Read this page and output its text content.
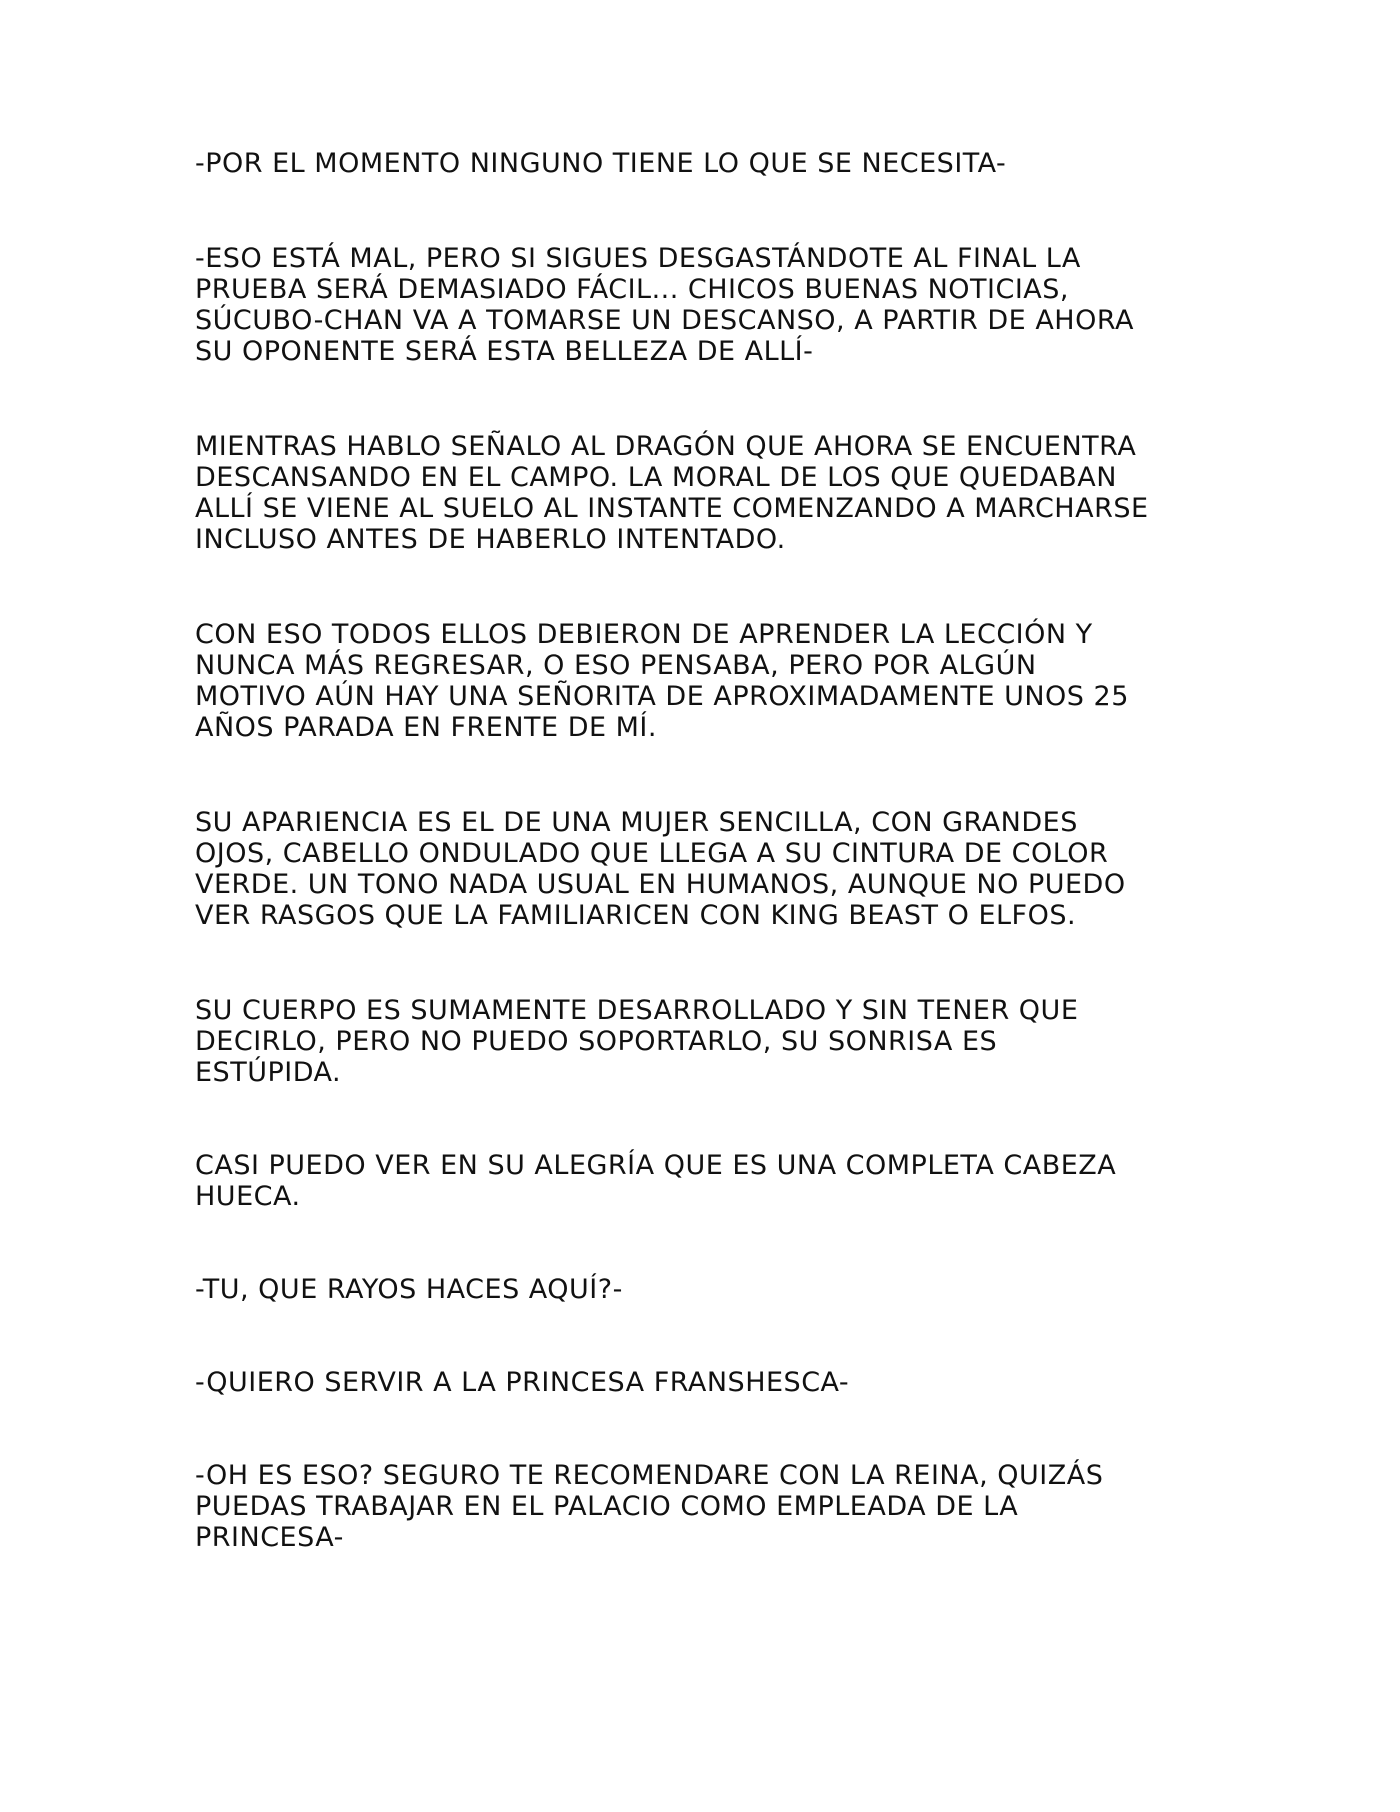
-POR EL MOMENTO NINGUNO TIENE LO QUE SE NECESITA-

-ESO ESTÁ MAL, PERO SI SIGUES DESGASTÁNDOTE AL FINAL LA
PRUEBA SERÁ DEMASIADO FÁCIL... CHICOS BUENAS NOTICIAS,
SÚCUBO-CHAN VA A TOMARSE UN DESCANSO, A PARTIR DE AHORA
SU OPONENTE SERÁ ESTA BELLEZA DE ALLÍ-

MIENTRAS HABLO SEÑALO AL DRAGÓN QUE AHORA SE ENCUENTRA
DESCANSANDO EN EL CAMPO. LA MORAL DE LOS QUE QUEDABAN
ALLÍ SE VIENE AL SUELO AL INSTANTE COMENZANDO A MARCHARSE
INCLUSO ANTES DE HABERLO INTENTADO.

CON ESO TODOS ELLOS DEBIERON DE APRENDER LA LECCIÓN Y
NUNCA MÁS REGRESAR, O ESO PENSABA, PERO POR ALGÚN
MOTIVO AÚN HAY UNA SEÑORITA DE APROXIMADAMENTE UNOS 25
AÑOS PARADA EN FRENTE DE MÍ.

SU APARIENCIA ES EL DE UNA MUJER SENCILLA, CON GRANDES
OJOS, CABELLO ONDULADO QUE LLEGA A SU CINTURA DE COLOR
VERDE. UN TONO NADA USUAL EN HUMANOS, AUNQUE NO PUEDO
VER RASGOS QUE LA FAMILIARICEN CON KING BEAST O ELFOS.

SU CUERPO ES SUMAMENTE DESARROLLADO Y SIN TENER QUE
DECIRLO, PERO NO PUEDO SOPORTARLO, SU SONRISA ES
ESTÚPIDA.

CASI PUEDO VER EN SU ALEGRÍA QUE ES UNA COMPLETA CABEZA
HUECA.

-TU, QUE RAYOS HACES AQUÍ?-

-QUIERO SERVIR A LA PRINCESA FRANSHESCA-

-OH ES ESO? SEGURO TE RECOMENDARE CON LA REINA, QUIZÁS
PUEDAS TRABAJAR EN EL PALACIO COMO EMPLEADA DE LA
PRINCESA-
